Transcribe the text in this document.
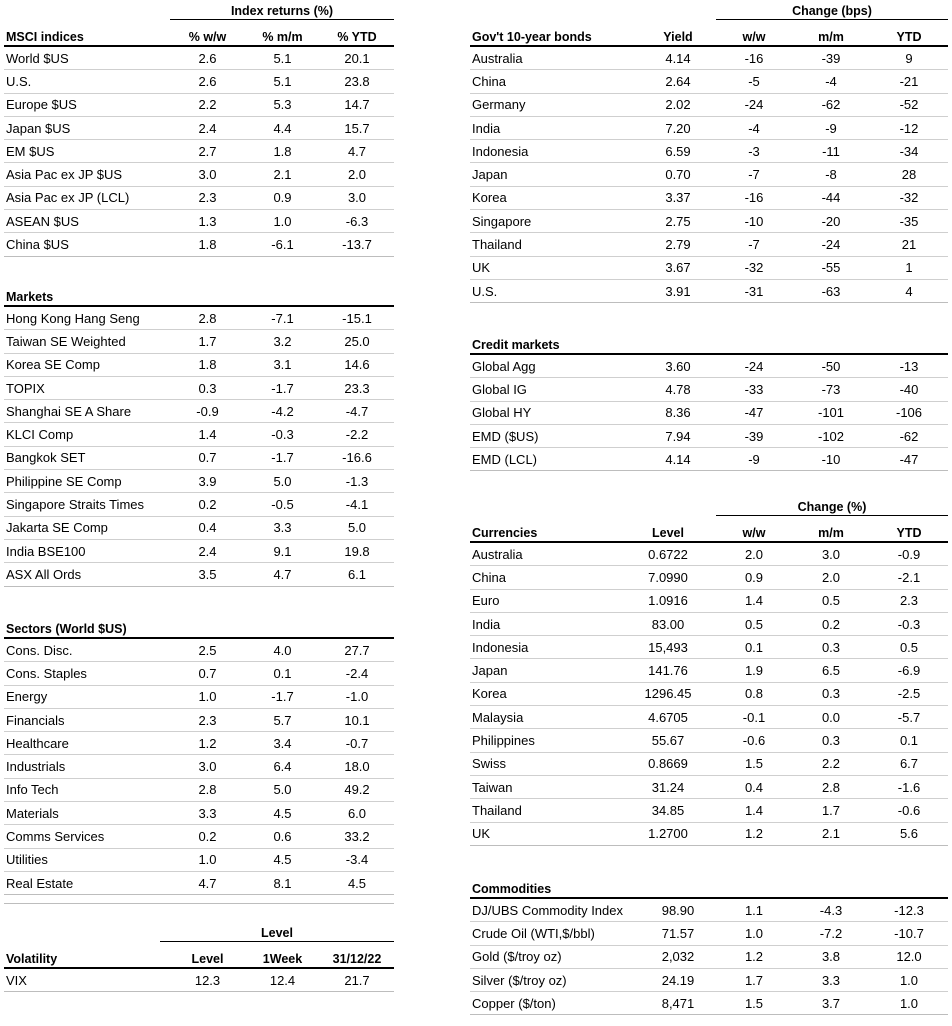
Index returns (%)
MSCI indices	% w/w	% m/m	% YTD
World $US	2.6	5.1	20.1
U.S.	2.6	5.1	23.8
Europe $US	2.2	5.3	14.7
Japan $US	2.4	4.4	15.7
EM $US	2.7	1.8	4.7
Asia Pac ex JP $US	3.0	2.1	2.0
Asia Pac ex JP (LCL)	2.3	0.9	3.0
ASEAN $US	1.3	1.0	-6.3
China $US	1.8	-6.1	-13.7
Markets			
Hong Kong Hang Seng	2.8	-7.1	-15.1
Taiwan SE Weighted	1.7	3.2	25.0
Korea SE Comp	1.8	3.1	14.6
TOPIX	0.3	-1.7	23.3
Shanghai SE A Share	-0.9	-4.2	-4.7
KLCI Comp	1.4	-0.3	-2.2
Bangkok SET	0.7	-1.7	-16.6
Philippine SE Comp	3.9	5.0	-1.3
Singapore Straits Times	0.2	-0.5	-4.1
Jakarta SE Comp	0.4	3.3	5.0
India BSE100	2.4	9.1	19.8
ASX All Ords	3.5	4.7	6.1
Sectors (World $US)			
Cons. Disc.	2.5	4.0	27.7
Cons. Staples	0.7	0.1	-2.4
Energy	1.0	-1.7	-1.0
Financials	2.3	5.7	10.1
Healthcare	1.2	3.4	-0.7
Industrials	3.0	6.4	18.0
Info Tech	2.8	5.0	49.2
Materials	3.3	4.5	6.0
Comms Services	0.2	0.6	33.2
Utilities	1.0	4.5	-3.4
Real Estate	4.7	8.1	4.5
Level
Volatility	Level	1Week	31/12/22
VIX	12.3	12.4	21.7
Change (bps)
Gov't 10-year bonds	Yield	w/w	m/m	YTD
Australia	4.14	-16	-39	9
China	2.64	-5	-4	-21
Germany	2.02	-24	-62	-52
India	7.20	-4	-9	-12
Indonesia	6.59	-3	-11	-34
Japan	0.70	-7	-8	28
Korea	3.37	-16	-44	-32
Singapore	2.75	-10	-20	-35
Thailand	2.79	-7	-24	21
UK	3.67	-32	-55	1
U.S.	3.91	-31	-63	4
Credit markets				
Global Agg	3.60	-24	-50	-13
Global IG	4.78	-33	-73	-40
Global HY	8.36	-47	-101	-106
EMD ($US)	7.94	-39	-102	-62
EMD (LCL)	4.14	-9	-10	-47
Change (%)
Currencies	Level	w/w	m/m	YTD
Australia	0.6722	2.0	3.0	-0.9
China	7.0990	0.9	2.0	-2.1
Euro	1.0916	1.4	0.5	2.3
India	83.00	0.5	0.2	-0.3
Indonesia	15,493	0.1	0.3	0.5
Japan	141.76	1.9	6.5	-6.9
Korea	1296.45	0.8	0.3	-2.5
Malaysia	4.6705	-0.1	0.0	-5.7
Philippines	55.67	-0.6	0.3	0.1
Swiss	0.8669	1.5	2.2	6.7
Taiwan	31.24	0.4	2.8	-1.6
Thailand	34.85	1.4	1.7	-0.6
UK	1.2700	1.2	2.1	5.6
Commodities				
DJ/UBS Commodity Index	98.90	1.1	-4.3	-12.3
Crude Oil (WTI,$/bbl)	71.57	1.0	-7.2	-10.7
Gold ($/troy oz)	2,032	1.2	3.8	12.0
Silver ($/troy oz)	24.19	1.7	3.3	1.0
Copper ($/ton)	8,471	1.5	3.7	1.0
